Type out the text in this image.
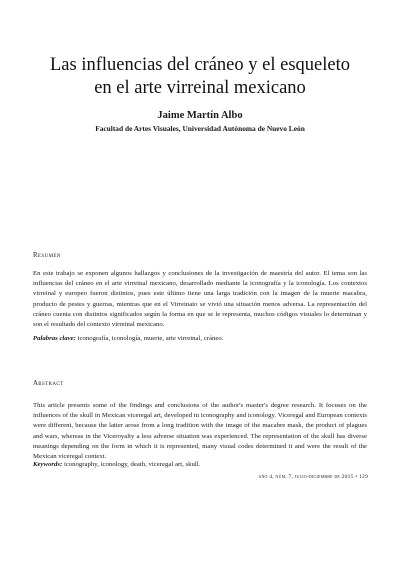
Las influencias del cráneo y el esqueleto
en el arte virreinal mexicano
Jaime Martín Albo
Facultad de Artes Visuales, Universidad Autónoma de Nuevo León
Resumen
En este trabajo se exponen algunos hallazgos y conclusiones de la investigación de maestría del autor. El tema son las influencias del cráneo en el arte virreinal mexicano, desarrollado mediante la iconografía y la iconología. Los contextos virreinal y europeo fueron distintos, pues este último tiene una larga tradición con la imagen de la muerte macabra, producto de pestes y guerras, mientras que en el Virreinato se vivió una situación menos adversa. La representación del cráneo cuenta con distintos significados según la forma en que se le representa, muchos códigos visuales lo determinan y son el resultado del contexto virreinal mexicano.
Palabras clave: iconografía, iconología, muerte, arte virreinal, cráneo.
Abstract
This article presents some of the findings and conclusions of the author's master's degree research. It focuses on the influences of the skull in Mexican viceregal art, developed in iconography and iconology. Viceregal and European contexts were different, because the latter arose from a long tradition with the image of the macabre mask, the product of plagues and wars, whereas in the Viceroyalty a less adverse situation was experienced. The representation of the skull has diverse meanings depending on the form in which it is represented, many visual codes determined it and were the result of the Mexican viceregal context.
Keywords: iconography, iconology, death, viceregal art, skull.
año 4, núm. 7, julio-diciembre de 2015 • 129
